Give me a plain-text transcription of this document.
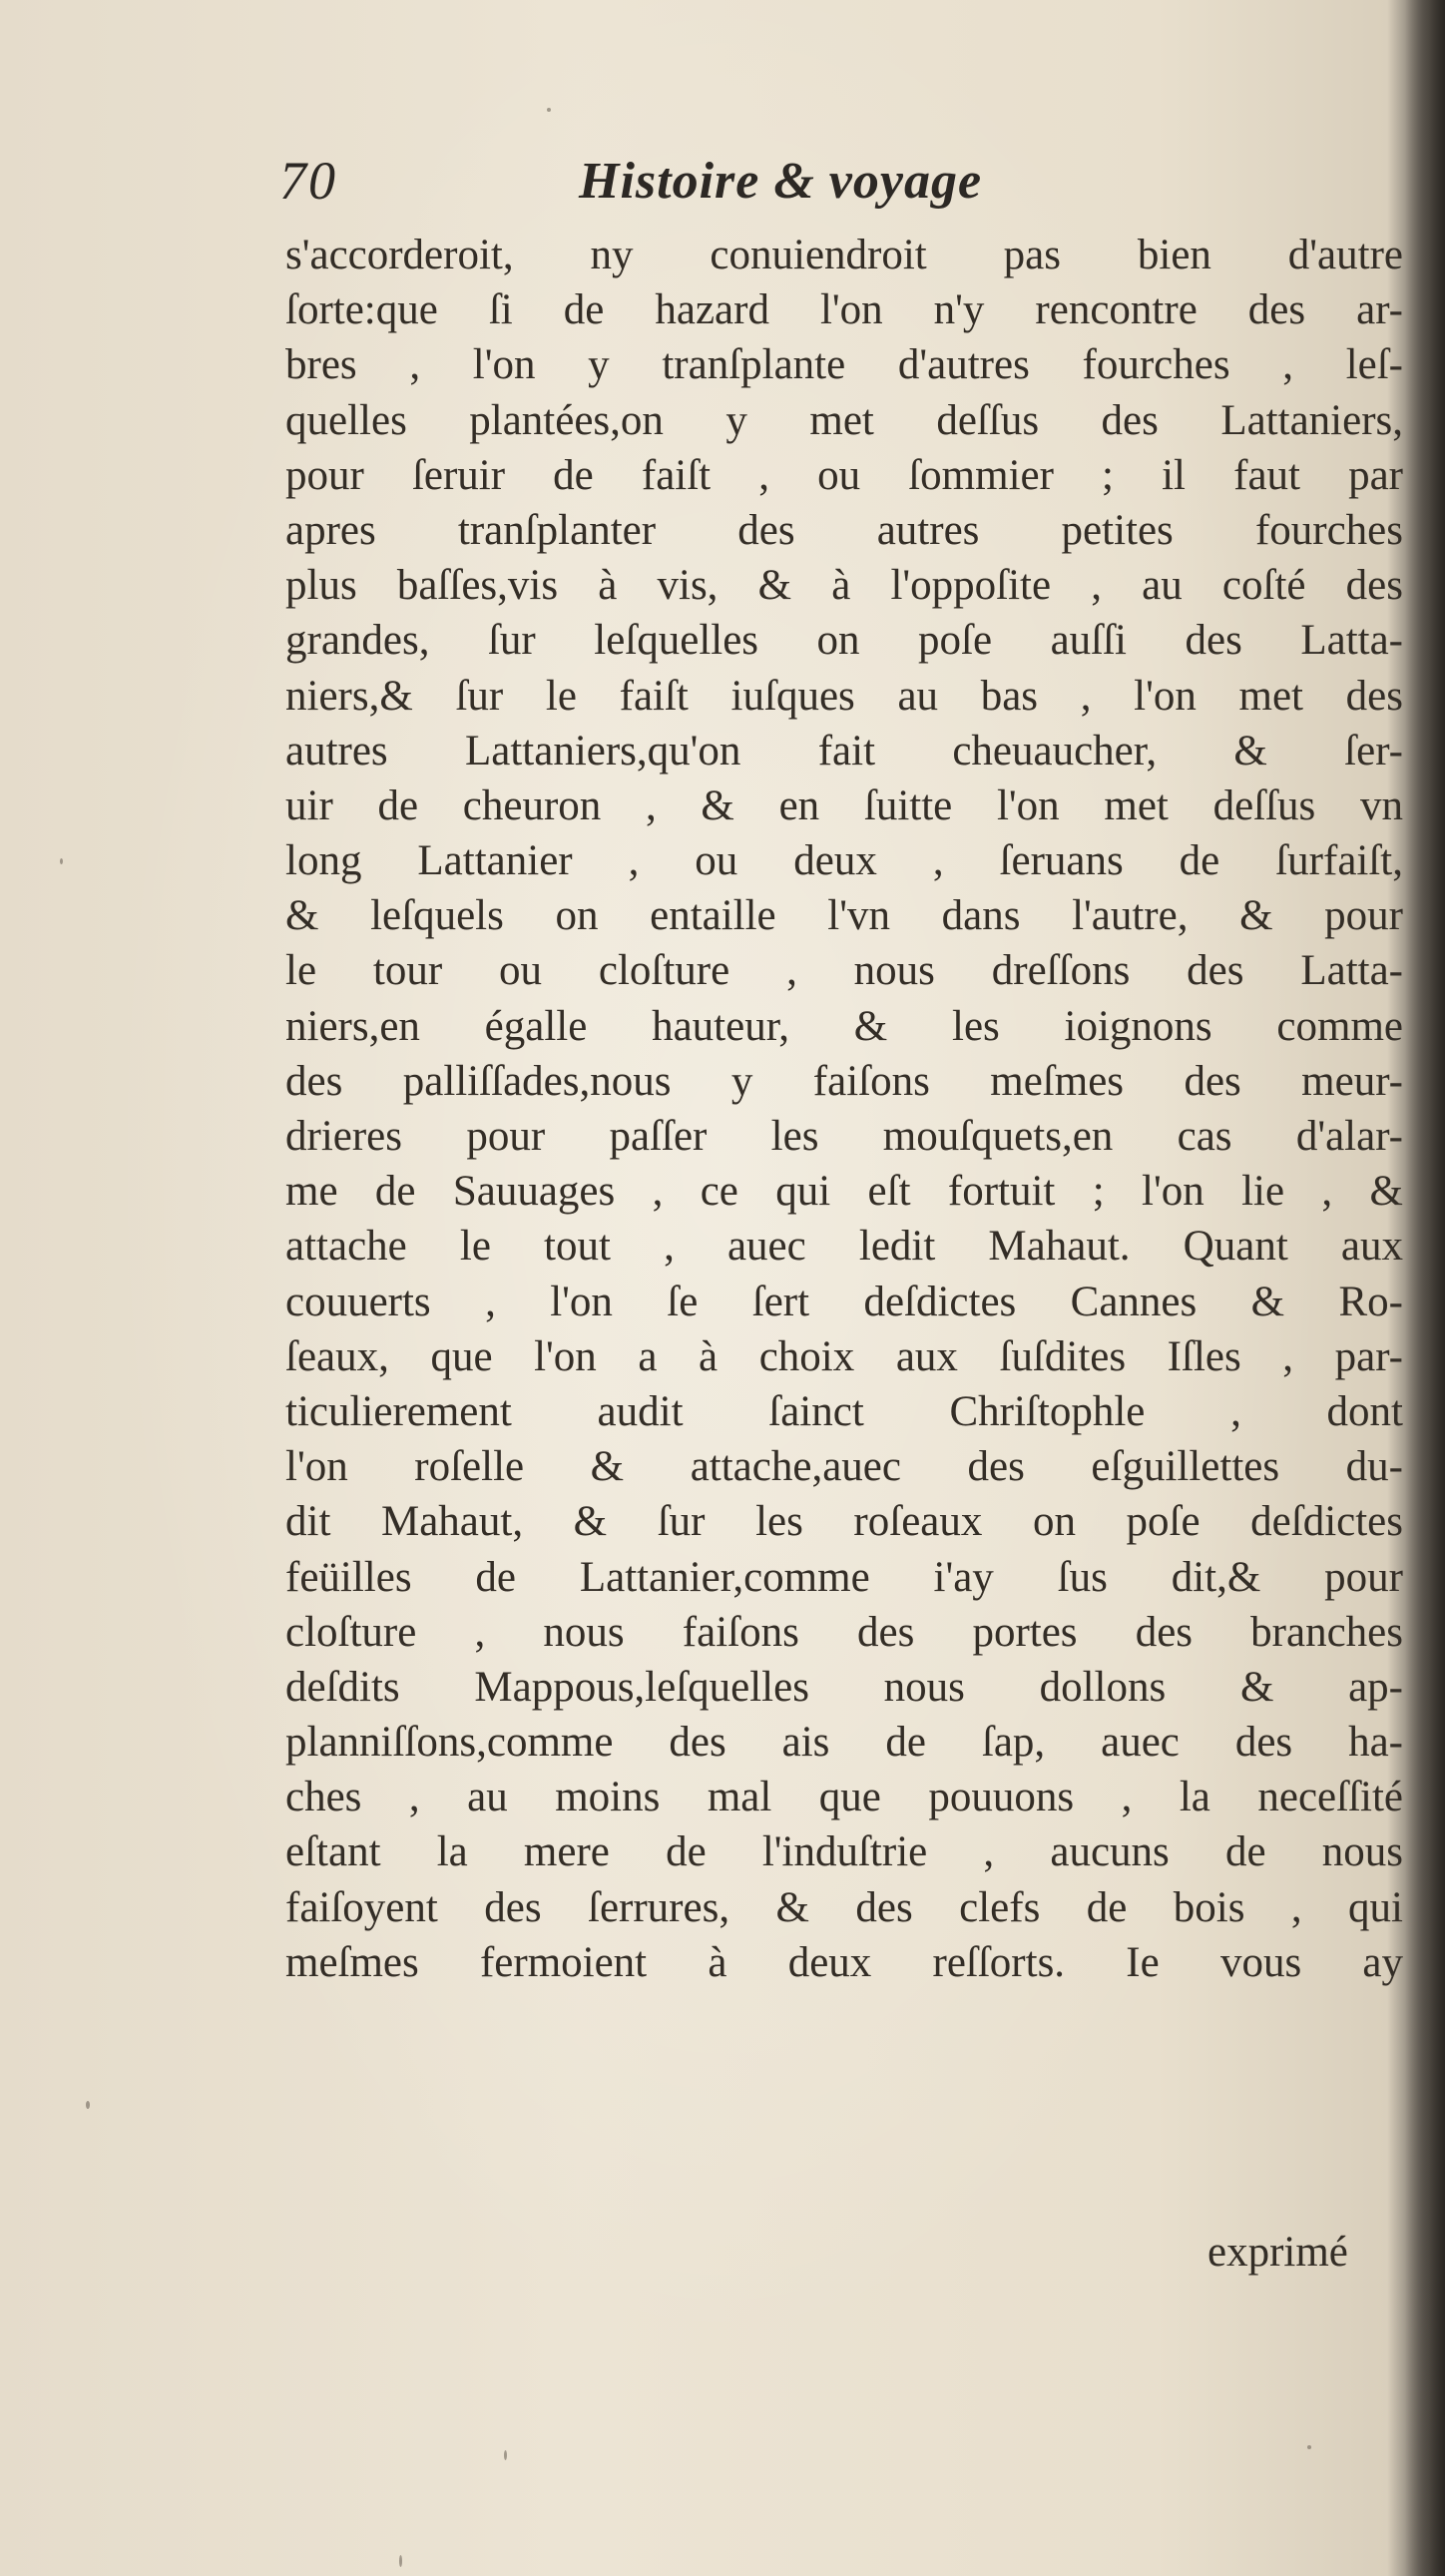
70	Histoire & voyage
s'accorderoit, ny conuiendroit pas bien d'autre
ſorte:que ſi de hazard l'on n'y rencontre des ar-
bres , l'on y tranſplante d'autres fourches , leſ-
quelles plantées,on y met deſſus des Lattaniers,
pour ſeruir de faiſt , ou ſommier ; il faut par
apres tranſplanter des autres petites fourches
plus baſſes,vis à vis, & à l'oppoſite , au coſté des
grandes, ſur leſquelles on poſe auſſi des Latta-
niers,& ſur le faiſt iuſques au bas , l'on met des
autres Lattaniers,qu'on fait cheuaucher, & ſer-
uir de cheuron , & en ſuitte l'on met deſſus vn
long Lattanier , ou deux , ſeruans de ſurfaiſt,
& leſquels on entaille l'vn dans l'autre, & pour
le tour ou cloſture , nous dreſſons des Latta-
niers,en égalle hauteur, & les ioignons comme
des palliſſades,nous y faiſons meſmes des meur-
drieres pour paſſer les mouſquets,en cas d'alar-
me de Sauuages , ce qui eſt fortuit ; l'on lie , &
attache le tout , auec ledit Mahaut. Quant aux
couuerts , l'on ſe ſert deſdictes Cannes & Ro-
ſeaux, que l'on a à choix aux ſuſdites Iſles , par-
ticulierement audit ſainct Chriſtophle , dont
l'on roſelle & attache,auec des eſguillettes du-
dit Mahaut, & ſur les roſeaux on poſe deſdictes
feüilles de Lattanier,comme i'ay ſus dit,& pour
cloſture , nous faiſons des portes des branches
deſdits Mappous,leſquelles nous dollons & ap-
planniſſons,comme des ais de ſap, auec des ha-
ches , au moins mal que pouuons , la neceſſité
eſtant la mere de l'induſtrie , aucuns de nous
faiſoyent des ſerrures, & des clefs de bois , qui
meſmes fermoient à deux reſſorts. Ie vous ay
exprimé
